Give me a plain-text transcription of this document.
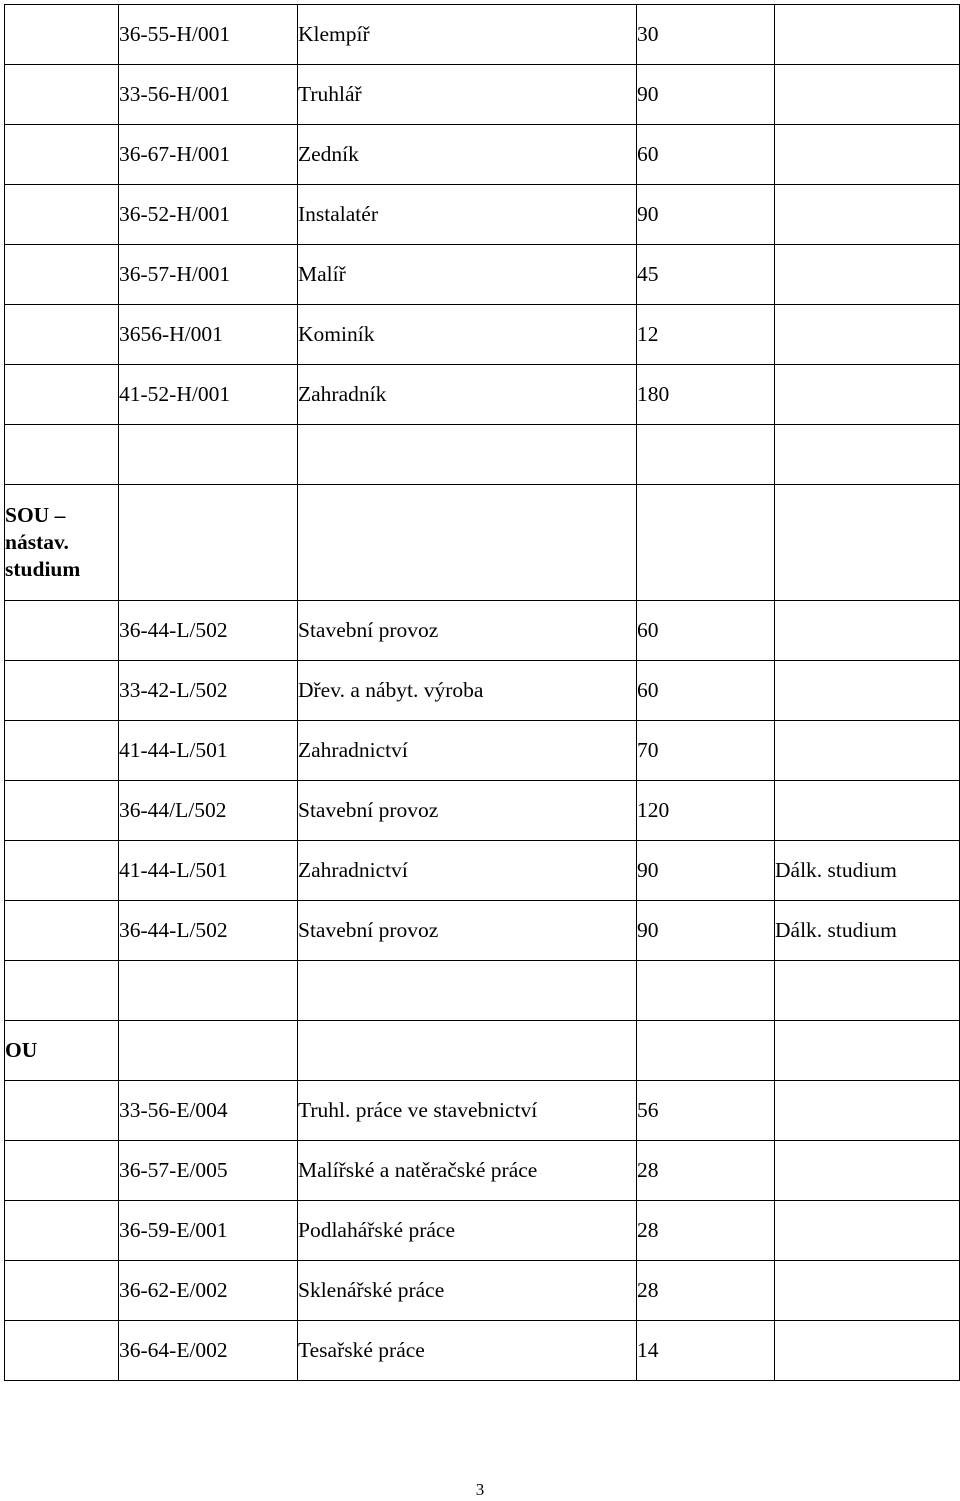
	36-55-H/001	Klempíř	30	
	33-56-H/001	Truhlář	90	
	36-67-H/001	Zedník	60	
	36-52-H/001	Instalatér	90	
	36-57-H/001	Malíř	45	
	3656-H/001	Kominík	12	
	41-52-H/001	Zahradník	180	

SOU –
nástav.
studium				

	36-44-L/502	Stavební provoz	60	
	33-42-L/502	Dřev. a nábyt. výroba	60	
	41-44-L/501	Zahradnictví	70	
	36-44/L/502	Stavební provoz	120	
	41-44-L/501	Zahradnictví	90	Dálk. studium
	36-44-L/502	Stavební provoz	90	Dálk. studium

OU				

	33-56-E/004	Truhl. práce ve stavebnictví	56	
	36-57-E/005	Malířské a natěračské práce	28	
	36-59-E/001	Podlahářské práce	28	
	36-62-E/002	Sklenářské práce	28	
	36-64-E/002	Tesařské práce	14	
3
